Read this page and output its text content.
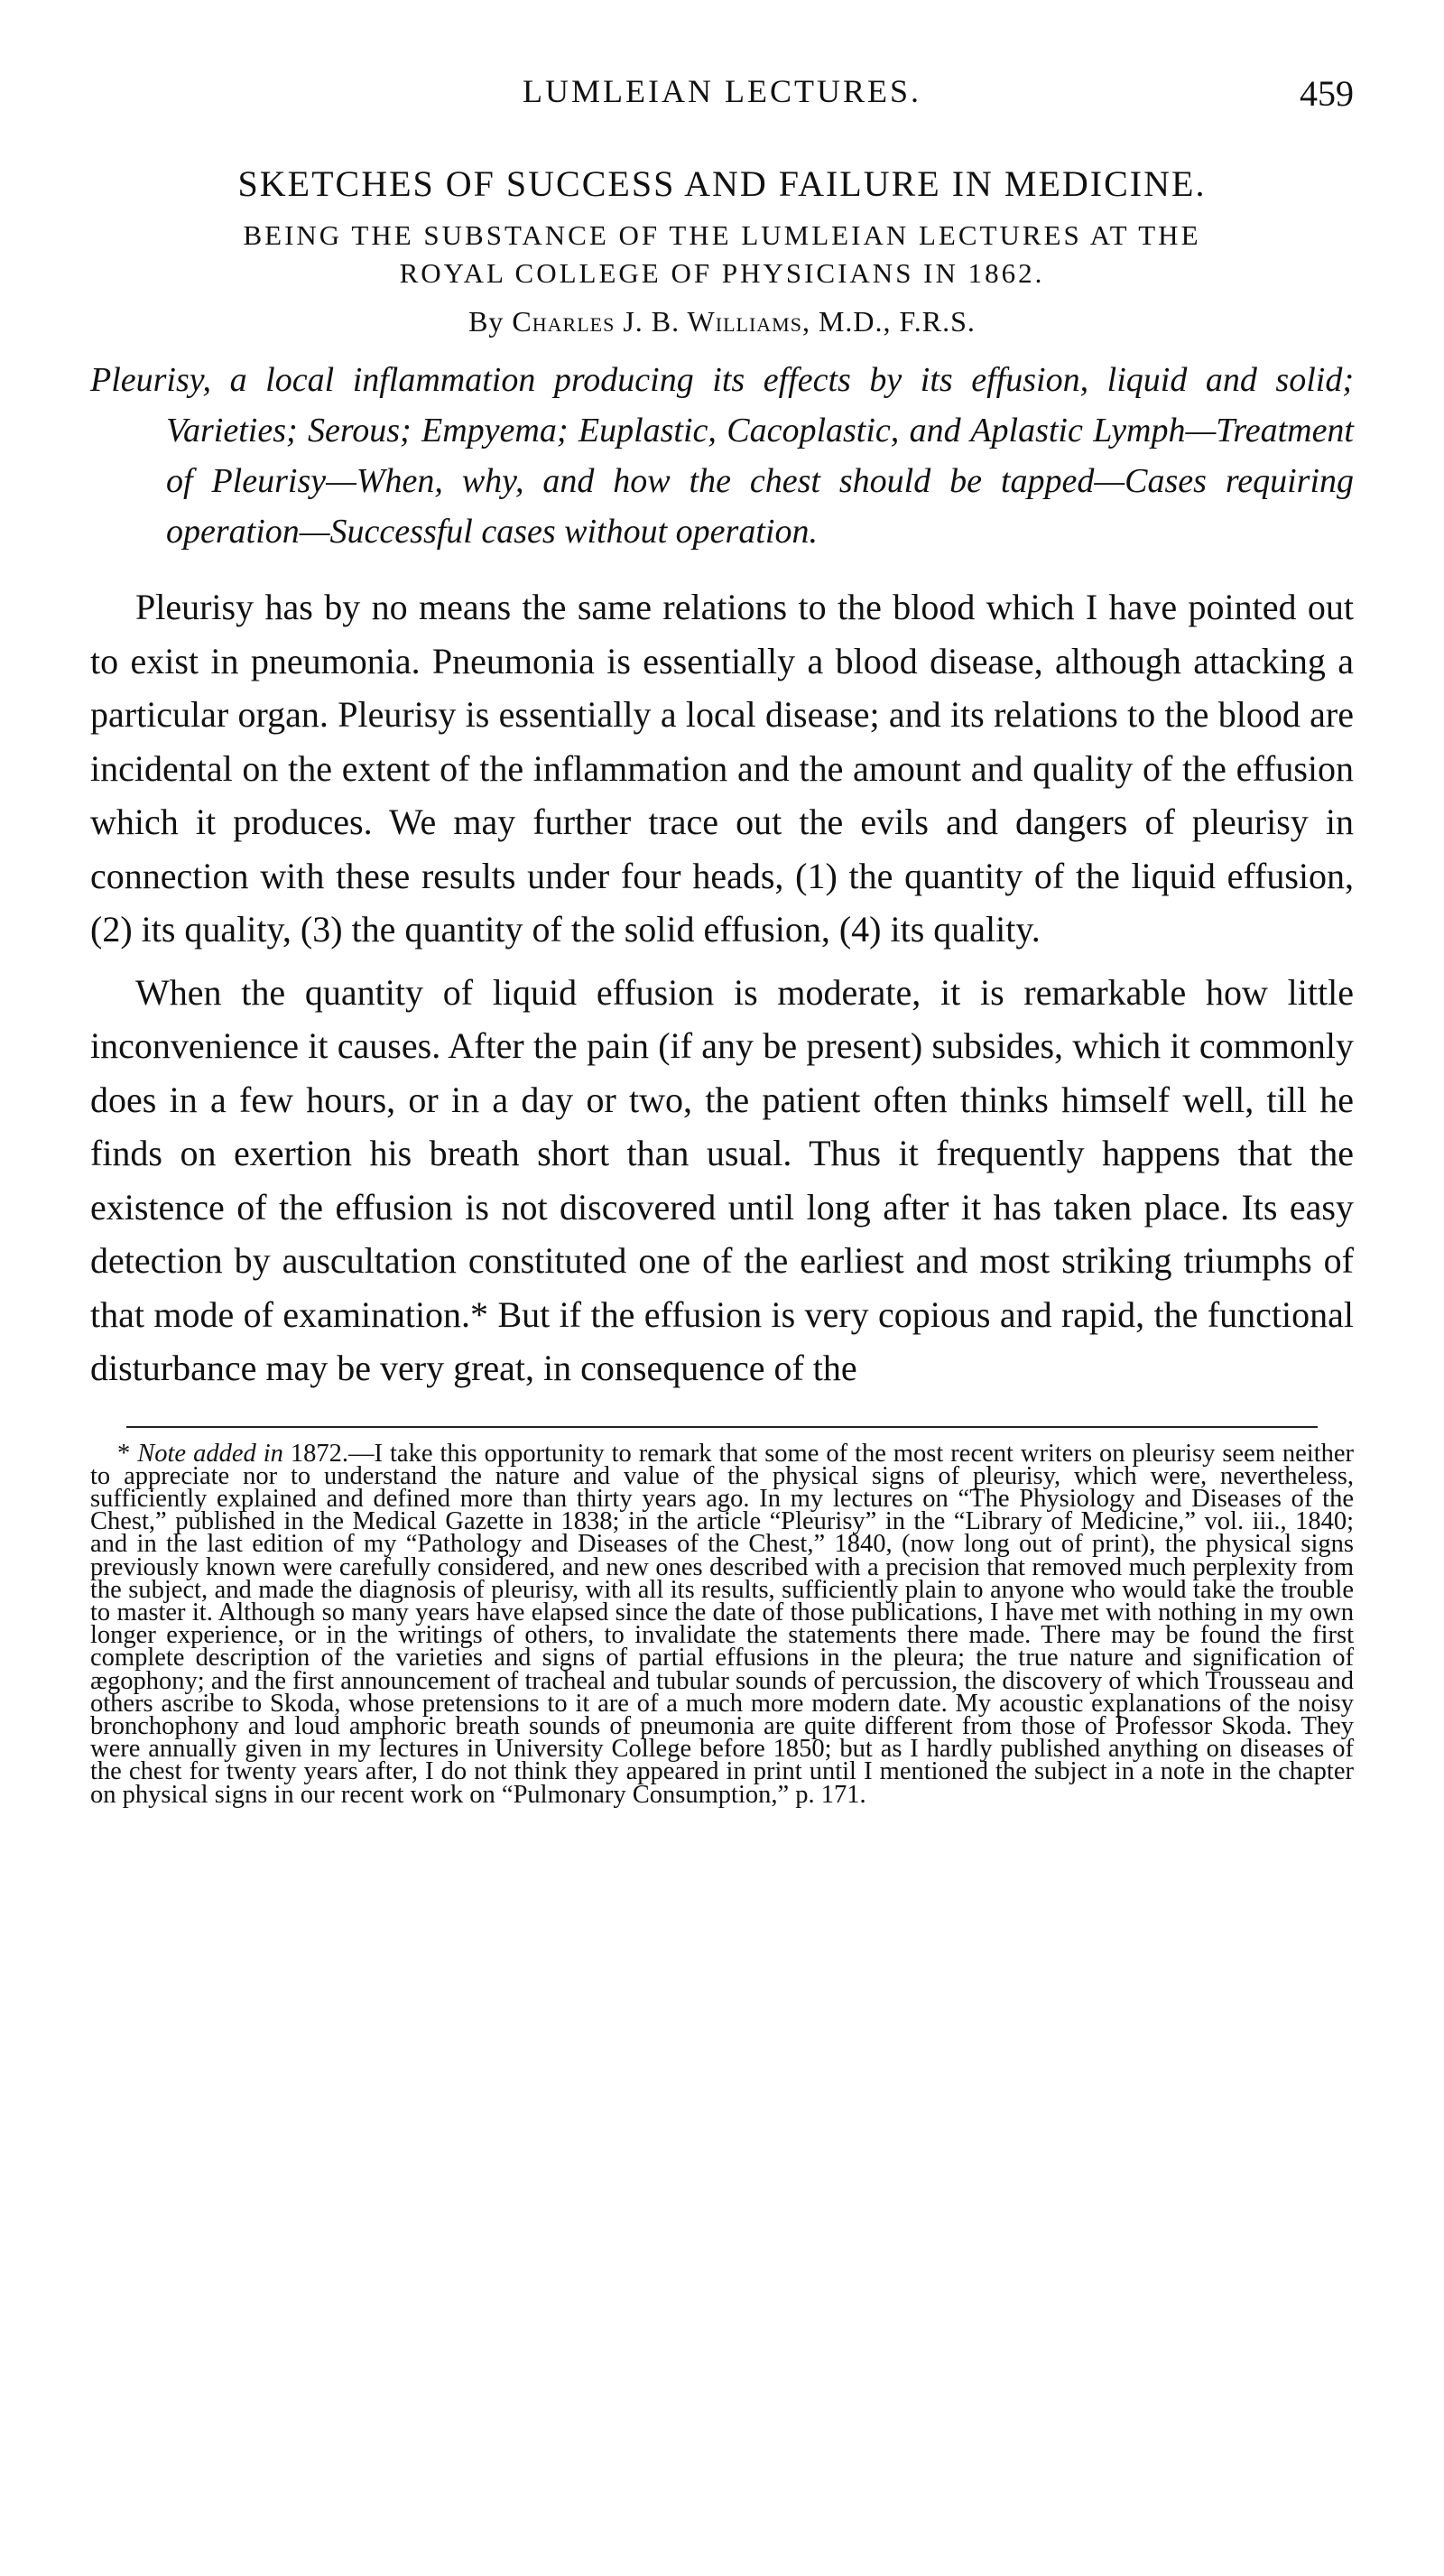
LUMLEIAN LECTURES.	459
SKETCHES OF SUCCESS AND FAILURE IN MEDICINE.
BEING THE SUBSTANCE OF THE LUMLEIAN LECTURES AT THE
ROYAL COLLEGE OF PHYSICIANS IN 1862.
By Charles J. B. Williams, M.D., F.R.S.
Pleurisy, a local inflammation producing its effects by its effusion, liquid and solid; Varieties; Serous; Empyema; Euplastic, Cacoplastic, and Aplastic Lymph—Treatment of Pleurisy—When, why, and how the chest should be tapped—Cases requiring operation—Successful cases without operation.

Pleurisy has by no means the same relations to the blood which I have pointed out to exist in pneumonia. Pneumonia is essentially a blood disease, although attacking a particular organ. Pleurisy is essentially a local disease; and its relations to the blood are incidental on the extent of the inflammation and the amount and quality of the effusion which it produces. We may further trace out the evils and dangers of pleurisy in connection with these results under four heads, (1) the quantity of the liquid effusion, (2) its quality, (3) the quantity of the solid effusion, (4) its quality.

When the quantity of liquid effusion is moderate, it is remarkable how little inconvenience it causes. After the pain (if any be present) subsides, which it commonly does in a few hours, or in a day or two, the patient often thinks himself well, till he finds on exertion his breath short than usual. Thus it frequently happens that the existence of the effusion is not discovered until long after it has taken place. Its easy detection by auscultation constituted one of the earliest and most striking triumphs of that mode of examination.* But if the effusion is very copious and rapid, the functional disturbance may be very great, in consequence of the

* Note added in 1872.—I take this opportunity to remark that some of the most recent writers on pleurisy seem neither to appreciate nor to understand the nature and value of the physical signs of pleurisy, which were, nevertheless, sufficiently explained and defined more than thirty years ago. In my lectures on “The Physiology and Diseases of the Chest,” published in the Medical Gazette in 1838; in the article “Pleurisy” in the “Library of Medicine,” vol. iii., 1840; and in the last edition of my “Pathology and Diseases of the Chest,” 1840, (now long out of print), the physical signs previously known were carefully considered, and new ones described with a precision that removed much perplexity from the subject, and made the diagnosis of pleurisy, with all its results, sufficiently plain to anyone who would take the trouble to master it. Although so many years have elapsed since the date of those publications, I have met with nothing in my own longer experience, or in the writings of others, to invalidate the statements there made. There may be found the first complete description of the varieties and signs of partial effusions in the pleura; the true nature and signification of ægophony; and the first announcement of tracheal and tubular sounds of percussion, the discovery of which Trousseau and others ascribe to Skoda, whose pretensions to it are of a much more modern date. My acoustic explanations of the noisy bronchophony and loud amphoric breath sounds of pneumonia are quite different from those of Professor Skoda. They were annually given in my lectures in University College before 1850; but as I hardly published anything on diseases of the chest for twenty years after, I do not think they appeared in print until I mentioned the subject in a note in the chapter on physical signs in our recent work on “Pulmonary Consumption,” p. 171.
